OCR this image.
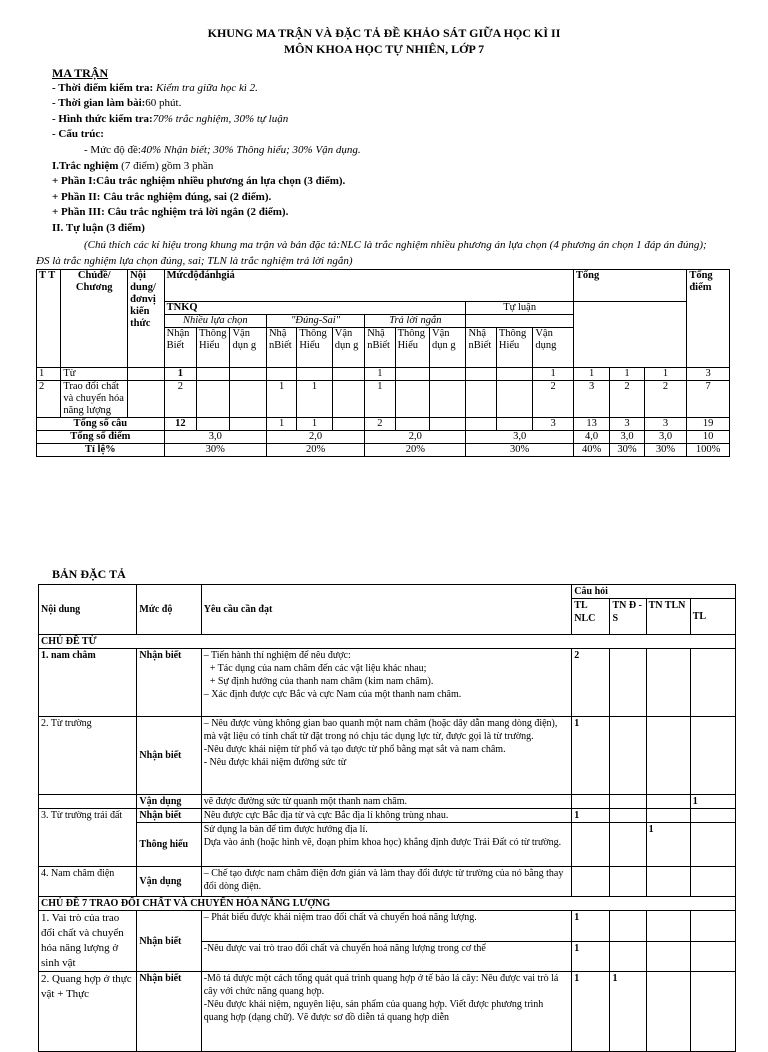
KHUNG MA TRẬN VÀ ĐẶC TẢ ĐỀ KHẢO SÁT GIỮA HỌC KÌ II
MÔN KHOA HỌC TỰ NHIÊN, LỚP 7
MA TRẬN
- Thời điểm kiểm tra: Kiểm tra giữa học kì 2.
- Thời gian làm bài:60 phút.
- Hình thức kiểm tra:70% trắc nghiệm, 30% tự luận
- Cấu trúc:
- Mức độ đề:40% Nhận biết; 30% Thông hiểu; 30% Vận dụng.
I.Trắc nghiệm (7 điểm) gồm 3 phần
+ Phần I:Câu trắc nghiệm nhiều phương án lựa chọn (3 điểm).
+ Phần II: Câu trắc nghiệm đúng, sai (2 điểm).
+ Phần III: Câu trắc nghiệm trả lời ngắn (2 điểm).
II. Tự luận (3 điểm)
(Chú thích các kí hiệu trong khung ma trận và bản đặc tả:NLC là trắc nghiệm nhiều phương án lựa chọn (4 phương án chọn 1 đáp án đúng); ĐS là trắc nghiệm lựa chọn đúng, sai; TLN là trắc nghiệm trả lời ngắn)
T T	Chủđề/ Chương	Nội dung/ đơnvị kiến thức	Mứcđộđánhgiá												Tổng			Tổng điểm
			TNKQ									Tự luận						
			Nhiều lựa chọn			"Đúng-Sai"			Trả lời ngắn									
			Nhận Biết	Thông Hiểu	Vận dụn g	Nhậ nBiết	Thông Hiểu	Vận dụn g	Nhậ nBiết	Thông Hiểu	Vận dụn g	Nhậ nBiết	Thông Hiểu	Vận dụng				
1	Từ		1						1					1	1	1	1	3
2	Trao đổi chất và chuyển hóa năng lượng		2			1	1		1					2	3	2	2	7
Tổng số câu			12			1	1		2					3	13	3	3	19
Tổng số điểm			3,0			2,0			2,0			3,0			4,0	3,0	3,0	10
Tỉ lệ%			30%			20%			20%			30%			40%	30%	30%	100%
BẢN ĐẶC TẢ
Nội dung	Mức độ	Yêu cầu cần đạt	Câu hỏi			
			TL NLC	TN Đ - S	TN TLN	TL
CHỦ ĐỀ TỪ						
1. nam châm	Nhận biết	– Tiến hành thí nghiệm để nêu được:
+ Tác dụng của nam châm đến các vật liệu khác nhau;
+ Sự định hướng của thanh nam châm (kim nam châm).
– Xác định được cực Bắc và cực Nam của một thanh nam châm.	2			
2. Từ trường	Nhận biết	– Nêu được vùng không gian bao quanh một nam châm (hoặc dây dẫn mang dòng điện), mà vật liệu có tính chất từ đặt trong nó chịu tác dụng lực từ, được gọi là từ trường.
-Nêu được khái niệm từ phổ và tạo được từ phổ bằng mạt sắt và nam châm.
- Nêu được khái niệm đường sức từ	1			
	Vận dụng	vẽ được đường sức từ quanh một thanh nam châm.				1
3. Từ trường trái đất	Nhận biết	Nêu được cực Bắc địa từ và cực Bắc địa lí không trùng nhau.	1			
	Thông hiểu	Sử dụng la bàn để tìm được hướng địa lí.
Dựa vào ảnh (hoặc hình vẽ, đoạn phim khoa học) khẳng định được Trái Đất có từ trường.			1	
4. Nam châm điện	Vận dụng	– Chế tạo được nam châm điện đơn giản và làm thay đổi được từ trường của nó bằng thay đổi dòng điện.				
CHỦ ĐỀ 7 TRAO ĐỔI CHẤT VÀ CHUYỂN HÓA NĂNG LƯỢNG						
1. Vai trò của trao đổi chất và chuyển hóa năng lượng ở sinh vật	Nhận biết	– Phát biểu được khái niệm trao đổi chất và chuyển hoá năng lượng.	1			
		-Nêu được vai trò trao đổi chất và chuyển hoá năng lượng trong cơ thể	1			
2. Quang hợp ở thực vật + Thực	Nhận biết	-Mô tả được một cách tổng quát quá trình quang hợp ở tế bào lá cây: Nêu được vai trò lá cây với chức năng quang hợp.
-Nêu được khái niệm, nguyên liệu, sản phẩm của quang hợp. Viết được phương trình quang hợp (dạng chữ). Vẽ được sơ đồ diễn tả quang hợp diễn	1	1		
